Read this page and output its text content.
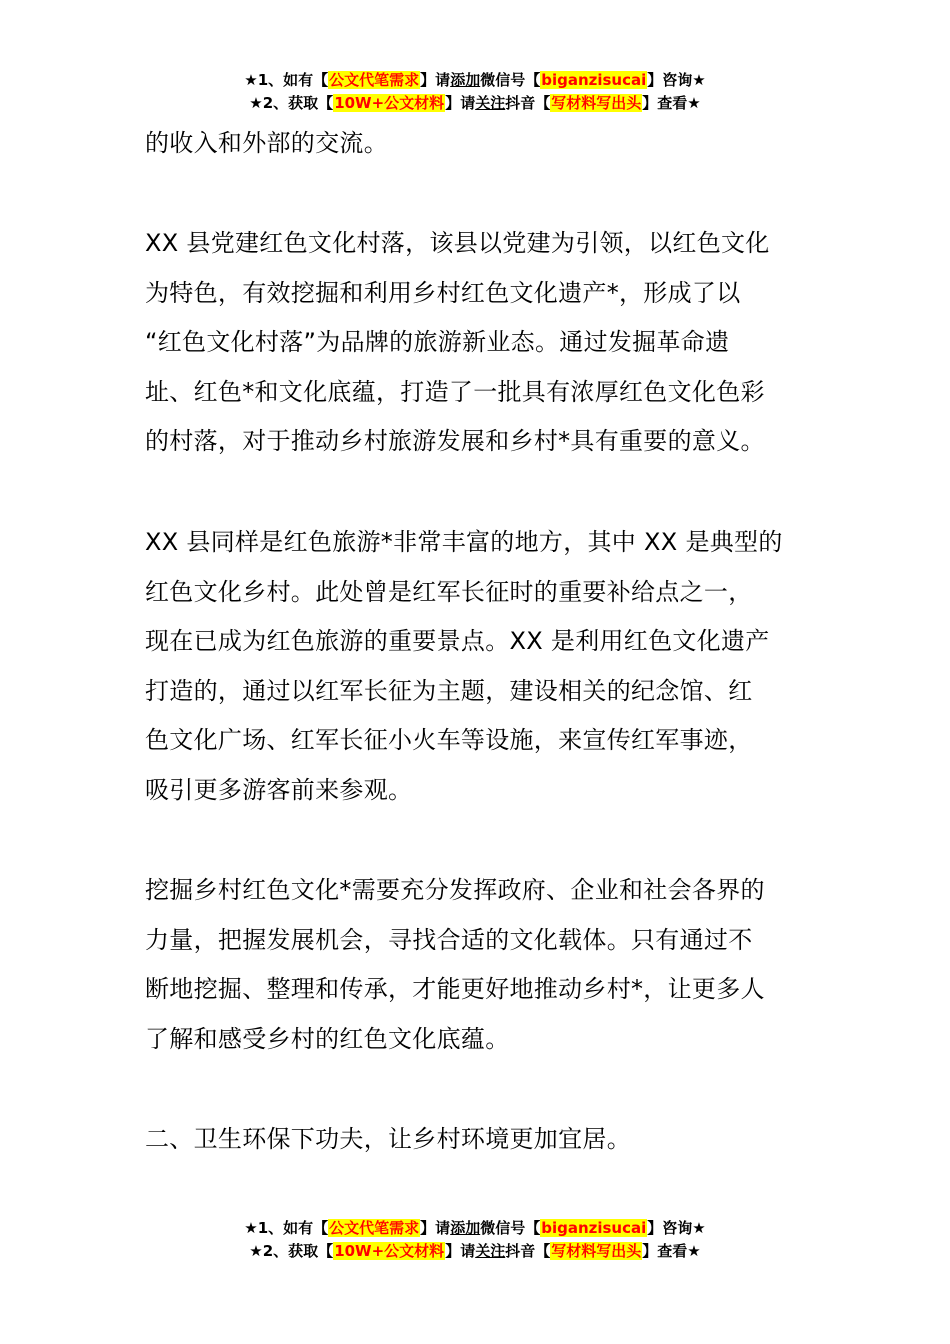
★1、如有【公文代笔需求】请添加微信号【biganzisucai】咨询★
★2、获取【10W+公文材料】请关注抖音【写材料写出头】查看★

的收入和外部的交流。

XX 县党建红色文化村落，该县以党建为引领，以红色文化
为特色，有效挖掘和利用乡村红色文化遗产*，形成了以
“红色文化村落”为品牌的旅游新业态。通过发掘革命遗
址、红色*和文化底蕴，打造了一批具有浓厚红色文化色彩
的村落，对于推动乡村旅游发展和乡村*具有重要的意义。

XX 县同样是红色旅游*非常丰富的地方，其中 XX 是典型的
红色文化乡村。此处曾是红军长征时的重要补给点之一，
现在已成为红色旅游的重要景点。XX 是利用红色文化遗产
打造的，通过以红军长征为主题，建设相关的纪念馆、红
色文化广场、红军长征小火车等设施，来宣传红军事迹，
吸引更多游客前来参观。

挖掘乡村红色文化*需要充分发挥政府、企业和社会各界的
力量，把握发展机会，寻找合适的文化载体。只有通过不
断地挖掘、整理和传承，才能更好地推动乡村*，让更多人
了解和感受乡村的红色文化底蕴。

二、卫生环保下功夫，让乡村环境更加宜居。

★1、如有【公文代笔需求】请添加微信号【biganzisucai】咨询★
★2、获取【10W+公文材料】请关注抖音【写材料写出头】查看★
